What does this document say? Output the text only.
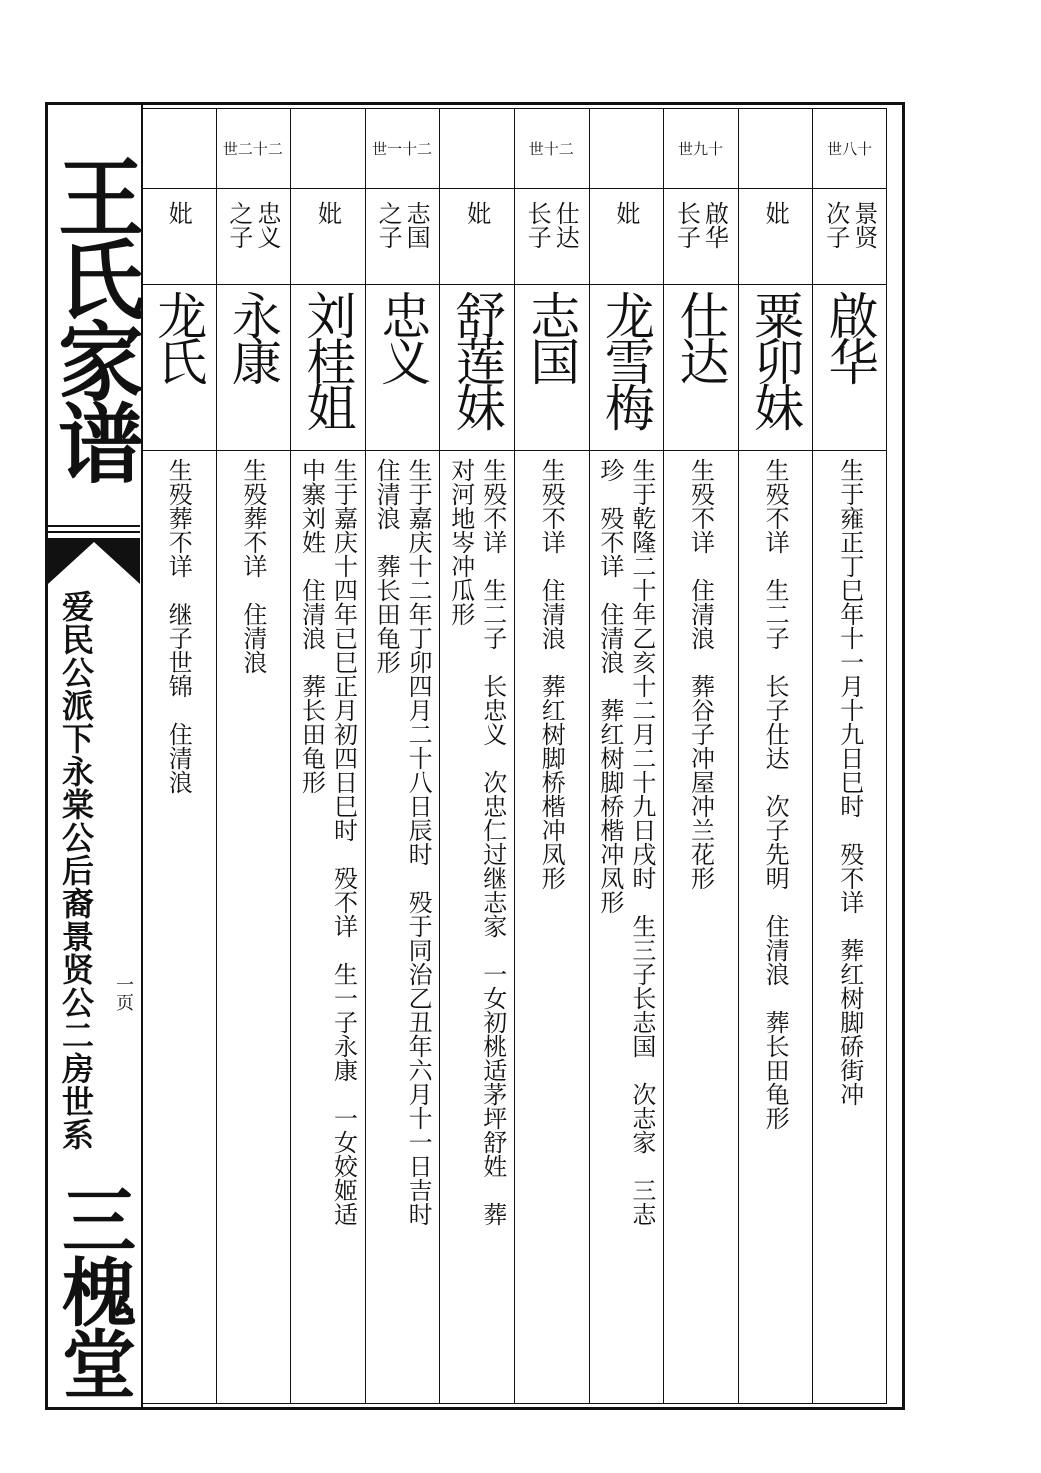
王氏家谱
爱民公派下永棠公后裔景贤公二房世系 一页
三槐堂
世八十
景贤
次子
啟华
生于雍正丁巳年十一月十九日巳时　殁不详　葬红树脚硚街冲
妣
粟卯妹
生殁不详　生二子　长子仕达　次子先明　住清浪　葬长田龟形
世九十
啟华
长子
仕达
生殁不详　住清浪　葬谷子冲屋冲兰花形
妣
龙雪梅
生于乾隆二十年乙亥十二月二十九日戌时　生三子长志国　次志家　三志
珍　殁不详　住清浪　葬红树脚桥楷冲凤形
世十二
仕达
长子
志国
生殁不详　住清浪　葬红树脚桥楷冲凤形
妣
舒莲妹
生殁不详　生二子　长忠义　次忠仁过继志家　一女初桃适茅坪舒姓　葬
对河地岑冲瓜形
世一十二
志国
之子
忠义
生于嘉庆十二年丁卯四月二十八日辰时　殁于同治乙丑年六月十一日吉时
住清浪　葬长田龟形
妣
刘桂姐
生于嘉庆十四年已巳正月初四日巳时　殁不详　生一子永康　一女姣姬适
中寨刘姓　住清浪　葬长田龟形
世二十二
忠义
之子
永康
生殁葬不详　住清浪
妣
龙氏
生殁葬不详　继子世锦　住清浪
